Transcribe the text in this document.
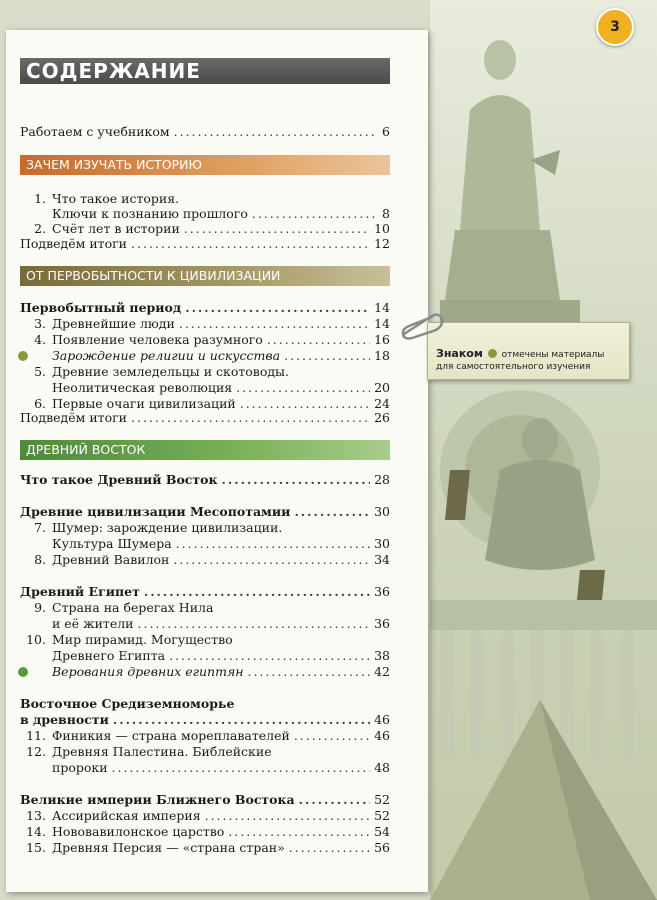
СОДЕРЖАНИЕ
Работаем с учебником .....	6
ЗАЧЕМ ИЗУЧАТЬ ИСТОРИЮ
1. Что такое история.
Ключи к познанию прошлого .....	8
2. Счёт лет в истории .....	10
Подведём итоги .....	12
ОТ ПЕРВОБЫТНОСТИ К ЦИВИЛИЗАЦИИ
Первобытный период .....	14
3. Древнейшие люди .....	14
4. Появление человека разумного .....	16
Зарождение религии и искусства .....	18
5. Древние земледельцы и скотоводы.
Неолитическая революция .....	20
6. Первые очаги цивилизаций .....	24
Подведём итоги .....	26
ДРЕВНИЙ ВОСТОК
Что такое Древний Восток .....	28
Древние цивилизации Месопотамии .....	30
7. Шумер: зарождение цивилизации.
Культура Шумера .....	30
8. Древний Вавилон .....	34
Древний Египет .....	36
9. Страна на берегах Нила
и её жители .....	36
10. Мир пирамид. Могущество
Древнего Египта .....	38
Верования древних египтян .....	42
Восточное Средиземноморье
в древности .....	46
11. Финикия — страна мореплавателей .....	46
12. Древняя Палестина. Библейские
пророки .....	48
Великие империи Ближнего Востока .....	52
13. Ассирийская империя .....	52
14. Нововавилонское царство .....	54
15. Древняя Персия — «страна стран» .....	56
3
Знаком отмечены материалы для самостоятельного изучения
